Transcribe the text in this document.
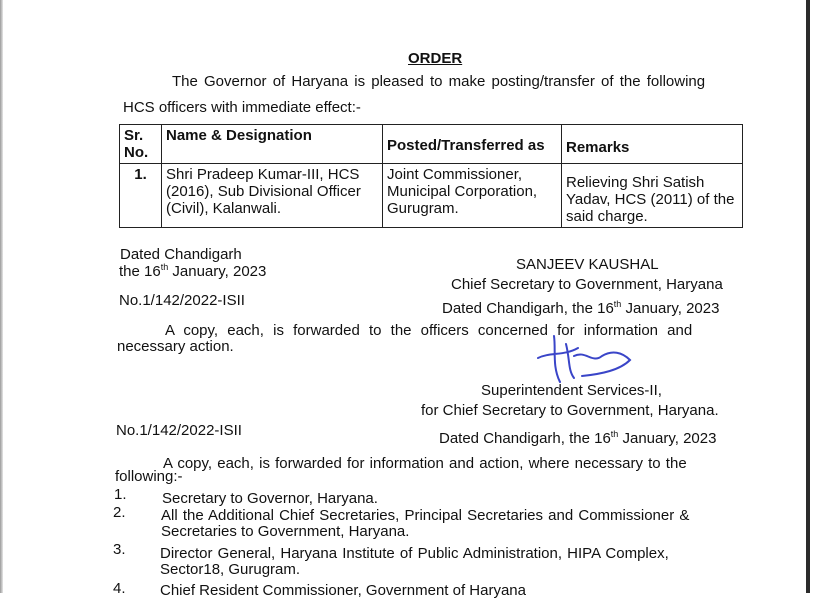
ORDER
The Governor of Haryana is pleased to make posting/transfer of the following
HCS officers with immediate effect:-
Sr. No.	Name & Designation	Posted/Transferred as	Remarks
1.	Shri Pradeep Kumar-III, HCS (2016), Sub Divisional Officer (Civil), Kalanwali.	Joint Commissioner, Municipal Corporation, Gurugram.	Relieving Shri Satish Yadav, HCS (2011) of the said charge.
Dated Chandigarh
the 16th January, 2023	SANJEEV KAUSHAL
Chief Secretary to Government, Haryana
No.1/142/2022-ISII	Dated Chandigarh, the 16th January, 2023
A copy, each, is forwarded to the officers concerned for information and
necessary action.
Superintendent Services-II,
for Chief Secretary to Government, Haryana.
No.1/142/2022-ISII	Dated Chandigarh, the 16th January, 2023
A copy, each, is forwarded for information and action, where necessary to the
following:-
1. Secretary to Governor, Haryana.
2. All the Additional Chief Secretaries, Principal Secretaries and Commissioner &
Secretaries to Government, Haryana.
3. Director General, Haryana Institute of Public Administration, HIPA Complex,
Sector18, Gurugram.
4. Chief Resident Commissioner, Government of Haryana
